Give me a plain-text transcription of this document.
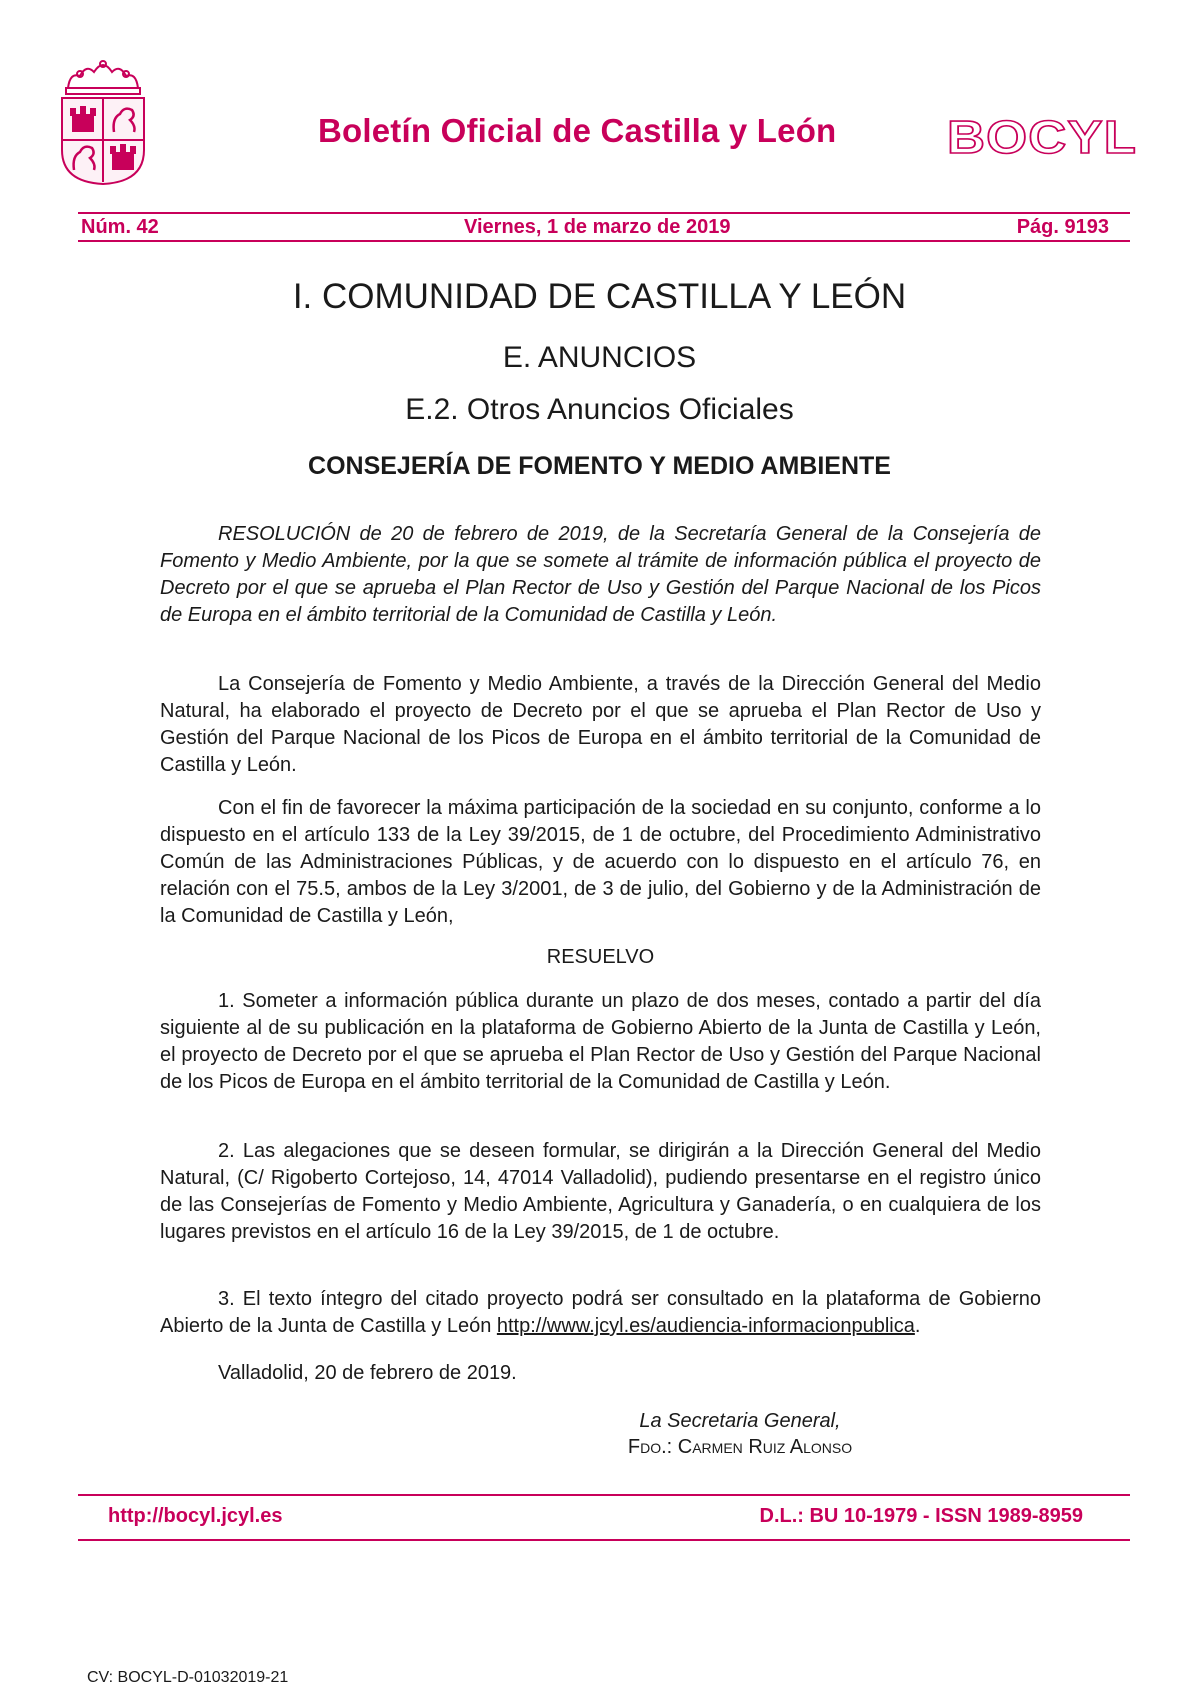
Boletín Oficial de Castilla y León BOCYL
Núm. 42	Viernes, 1 de marzo de 2019	Pág. 9193
I. COMUNIDAD DE CASTILLA Y LEÓN
E. ANUNCIOS
E.2. Otros Anuncios Oficiales
CONSEJERÍA DE FOMENTO Y MEDIO AMBIENTE

RESOLUCIÓN de 20 de febrero de 2019, de la Secretaría General de la Consejería de Fomento y Medio Ambiente, por la que se somete al trámite de información pública el proyecto de Decreto por el que se aprueba el Plan Rector de Uso y Gestión del Parque Nacional de los Picos de Europa en el ámbito territorial de la Comunidad de Castilla y León.

La Consejería de Fomento y Medio Ambiente, a través de la Dirección General del Medio Natural, ha elaborado el proyecto de Decreto por el que se aprueba el Plan Rector de Uso y Gestión del Parque Nacional de los Picos de Europa en el ámbito territorial de la Comunidad de Castilla y León.

Con el fin de favorecer la máxima participación de la sociedad en su conjunto, conforme a lo dispuesto en el artículo 133 de la Ley 39/2015, de 1 de octubre, del Procedimiento Administrativo Común de las Administraciones Públicas, y de acuerdo con lo dispuesto en el artículo 76, en relación con el 75.5, ambos de la Ley 3/2001, de 3 de julio, del Gobierno y de la Administración de la Comunidad de Castilla y León,

RESUELVO

1. Someter a información pública durante un plazo de dos meses, contado a partir del día siguiente al de su publicación en la plataforma de Gobierno Abierto de la Junta de Castilla y León, el proyecto de Decreto por el que se aprueba el Plan Rector de Uso y Gestión del Parque Nacional de los Picos de Europa en el ámbito territorial de la Comunidad de Castilla y León.

2. Las alegaciones que se deseen formular, se dirigirán a la Dirección General del Medio Natural, (C/ Rigoberto Cortejoso, 14, 47014 Valladolid), pudiendo presentarse en el registro único de las Consejerías de Fomento y Medio Ambiente, Agricultura y Ganadería, o en cualquiera de los lugares previstos en el artículo 16 de la Ley 39/2015, de 1 de octubre.

3. El texto íntegro del citado proyecto podrá ser consultado en la plataforma de Gobierno Abierto de la Junta de Castilla y León http://www.jcyl.es/audiencia-informacionpublica.

Valladolid, 20 de febrero de 2019.

La Secretaria General,
Fdo.: Carmen Ruiz Alonso
http://bocyl.jcyl.es	D.L.: BU 10-1979 - ISSN 1989-8959
CV: BOCYL-D-01032019-21
